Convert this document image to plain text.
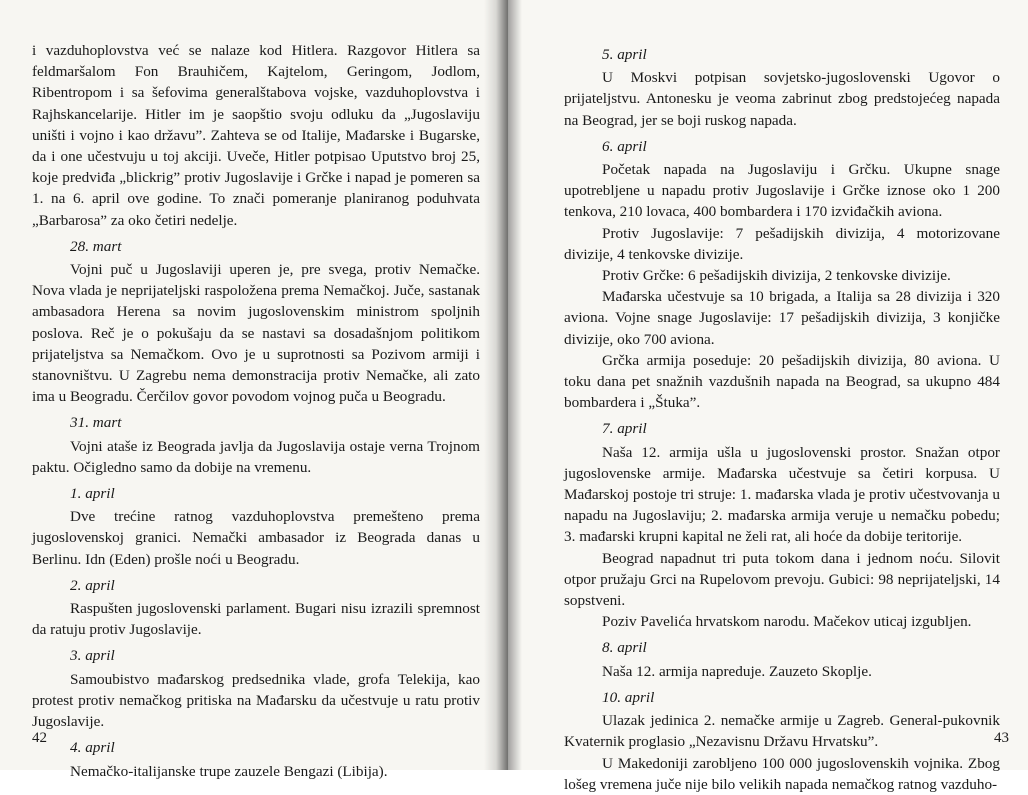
i vazduhoplovstva već se nalaze kod Hitlera. Razgovor Hitlera sa feldmaršalom Fon Brauhičem, Kajtelom, Geringom, Jodlom, Ribentropom i sa šefovima generalštabova vojske, vazduhoplovstva i Rajhskancelarije. Hitler im je saopštio svoju odluku da „Jugoslaviju uništi i vojno i kao državu”. Zahteva se od Italije, Mađarske i Bugarske, da i one učestvuju u toj akciji. Uveče, Hitler potpisao Uputstvo broj 25, koje predviđa „blickrig” protiv Jugoslavije i Grčke i napad je pomeren sa 1. na 6. april ove godine. To znači pomeranje planiranog poduhvata „Barbarosa” za oko četiri nedelje.

28. mart

Vojni puč u Jugoslaviji uperen je, pre svega, protiv Nemačke. Nova vlada je neprijateljski raspoložena prema Nemačkoj. Juče, sastanak ambasadora Herena sa novim jugoslovenskim ministrom spoljnih poslova. Reč je o pokušaju da se nastavi sa dosadašnjom politikom prijateljstva sa Nemačkom. Ovo je u suprotnosti sa Pozivom armiji i stanovništvu. U Zagrebu nema demonstracija protiv Nemačke, ali zato ima u Beogradu. Čerčilov govor povodom vojnog puča u Beogradu.

31. mart

Vojni ataše iz Beograda javlja da Jugoslavija ostaje verna Trojnom paktu. Očigledno samo da dobije na vremenu.

1. april

Dve trećine ratnog vazduhoplovstva premešteno prema jugoslovenskoj granici. Nemački ambasador iz Beograda danas u Berlinu. Idn (Eden) prošle noći u Beogradu.

2. april

Raspušten jugoslovenski parlament. Bugari nisu izrazili spremnost da ratuju protiv Jugoslavije.

3. april

Samoubistvo mađarskog predsednika vlade, grofa Telekija, kao protest protiv nemačkog pritiska na Mađarsku da učestvuje u ratu protiv Jugoslavije.

4. april

Nemačko-italijanske trupe zauzele Bengazi (Libija).

42
5. april

U Moskvi potpisan sovjetsko-jugoslovenski Ugovor o prijateljstvu. Antonesku je veoma zabrinut zbog predstojećeg napada na Beograd, jer se boji ruskog napada.

6. april

Početak napada na Jugoslaviju i Grčku. Ukupne snage upotrebljene u napadu protiv Jugoslavije i Grčke iznose oko 1 200 tenkova, 210 lovaca, 400 bombardera i 170 izviđačkih aviona.

Protiv Jugoslavije: 7 pešadijskih divizija, 4 motorizovane divizije, 4 tenkovske divizije.

Protiv Grčke: 6 pešadijskih divizija, 2 tenkovske divizije.

Mađarska učestvuje sa 10 brigada, a Italija sa 28 divizija i 320 aviona. Vojne snage Jugoslavije: 17 pešadijskih divizija, 3 konjičke divizije, oko 700 aviona.

Grčka armija poseduje: 20 pešadijskih divizija, 80 aviona. U toku dana pet snažnih vazdušnih napada na Beograd, sa ukupno 484 bombardera i „Štuka”.

7. april

Naša 12. armija ušla u jugoslovenski prostor. Snažan otpor jugoslovenske armije. Mađarska učestvuje sa četiri korpusa. U Mađarskoj postoje tri struje: 1. mađarska vlada je protiv učestvovanja u napadu na Jugoslaviju; 2. mađarska armija veruje u nemačku pobedu; 3. mađarski krupni kapital ne želi rat, ali hoće da dobije teritorije.

Beograd napadnut tri puta tokom dana i jednom noću. Silovit otpor pružaju Grci na Rupelovom prevoju. Gubici: 98 neprijateljski, 14 sopstveni.

Poziv Pavelića hrvatskom narodu. Mačekov uticaj izgubljen.

8. april

Naša 12. armija napreduje. Zauzeto Skoplje.

10. april

Ulazak jedinica 2. nemačke armije u Zagreb. General-pukovnik Kvaternik proglasio „Nezavisnu Državu Hrvatsku”.

U Makedoniji zarobljeno 100 000 jugoslovenskih vojnika. Zbog lošeg vremena juče nije bilo velikih napada nemačkog ratnog vazduho-

43
